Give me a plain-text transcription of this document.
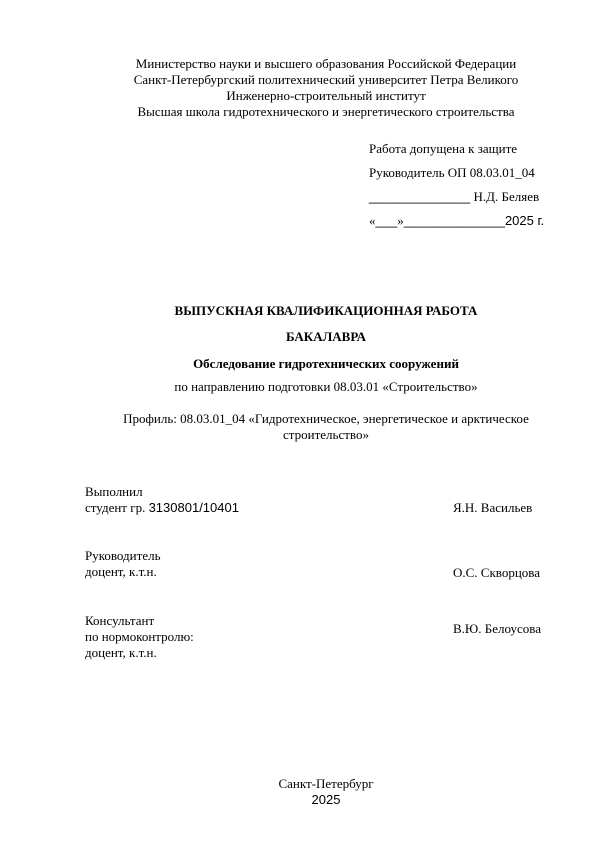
Министерство науки и высшего образования Российской Федерации
Санкт-Петербургский политехнический университет Петра Великого
Инженерно-строительный институт
Высшая школа гидротехнического и энергетического строительства
Работа допущена к защите
Руководитель ОП 08.03.01_04
______________ Н.Д. Беляев
«___»______________2025 г.
ВЫПУСКНАЯ КВАЛИФИКАЦИОННАЯ РАБОТА
БАКАЛАВРА
Обследование гидротехнических сооружений
по направлению подготовки 08.03.01 «Строительство»
Профиль: 08.03.01_04 «Гидротехническое, энергетическое и арктическое строительство»
Выполнил
студент гр. 3130801/10401	Я.Н. Васильев
Руководитель
доцент, к.т.н.	О.С. Скворцова
Консультант
по нормоконтролю:
доцент, к.т.н.
В.Ю. Белоусова
Санкт-Петербург
2025
